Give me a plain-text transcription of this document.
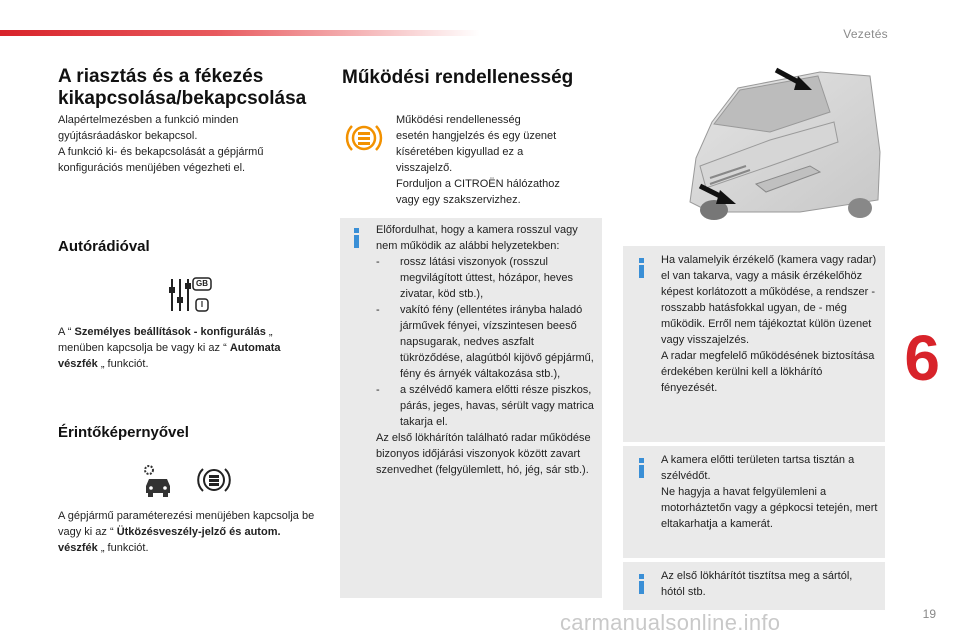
Vezetés
6
19
A riasztás és a fékezés kikapcsolása/bekapcsolása

Alapértelmezésben a funkció minden
gyújtásráadáskor bekapcsol.
A funkció ki- és bekapcsolását a gépjármű
konfigurációs menüjében végezheti el.

Autórádióval
GB
I

A “ Személyes beállítások - konfigurálás „ menüben kapcsolja be vagy ki az “ Automata vészfék „ funkciót.

Érintőképernyővel

A gépjármű paraméterezési menüjében kapcsolja be vagy ki az “ Ütközésveszély-jelző és autom. vészfék „ funkciót.

Működési rendellenesség

Működési rendellenesség
esetén hangjelzés és egy üzenet
kíséretében kigyullad ez a
visszajelző.
Forduljon a CITROËN hálózathoz
vagy egy szakszervizhez.

Előfordulhat, hogy a kamera rosszul vagy nem működik az alábbi helyzetekben:
- rossz látási viszonyok (rosszul megvilágított úttest, hózápor, heves zivatar, köd stb.),
- vakító fény (ellentétes irányba haladó járművek fényei, vízszintesen beeső napsugarak, nedves aszfalt tükröződése, alagútból kijövő gépjármű, fény és árnyék váltakozása stb.),
- a szélvédő kamera előtti része piszkos, párás, jeges, havas, sérült vagy matrica takarja el.
Az első lökhárítón található radar működése bizonyos időjárási viszonyok között zavart szenvedhet (felgyülemlett, hó, jég, sár stb.).
Ha valamelyik érzékelő (kamera vagy radar) el van takarva, vagy a másik érzékelőhöz képest korlátozott a működése, a rendszer - rosszabb hatásfokkal ugyan, de - még működik. Erről nem tájékoztat külön üzenet vagy visszajelzés.
A radar megfelelő működésének biztosítása érdekében kerülni kell a lökhárító fényezését.
A kamera előtti területen tartsa tisztán a szélvédőt.
Ne hagyja a havat felgyülemleni a motorháztetőn vagy a gépkocsi tetején, mert eltakarhatja a kamerát.
Az első lökhárítót tisztítsa meg a sártól, hótól stb.
carmanualsonline.info
